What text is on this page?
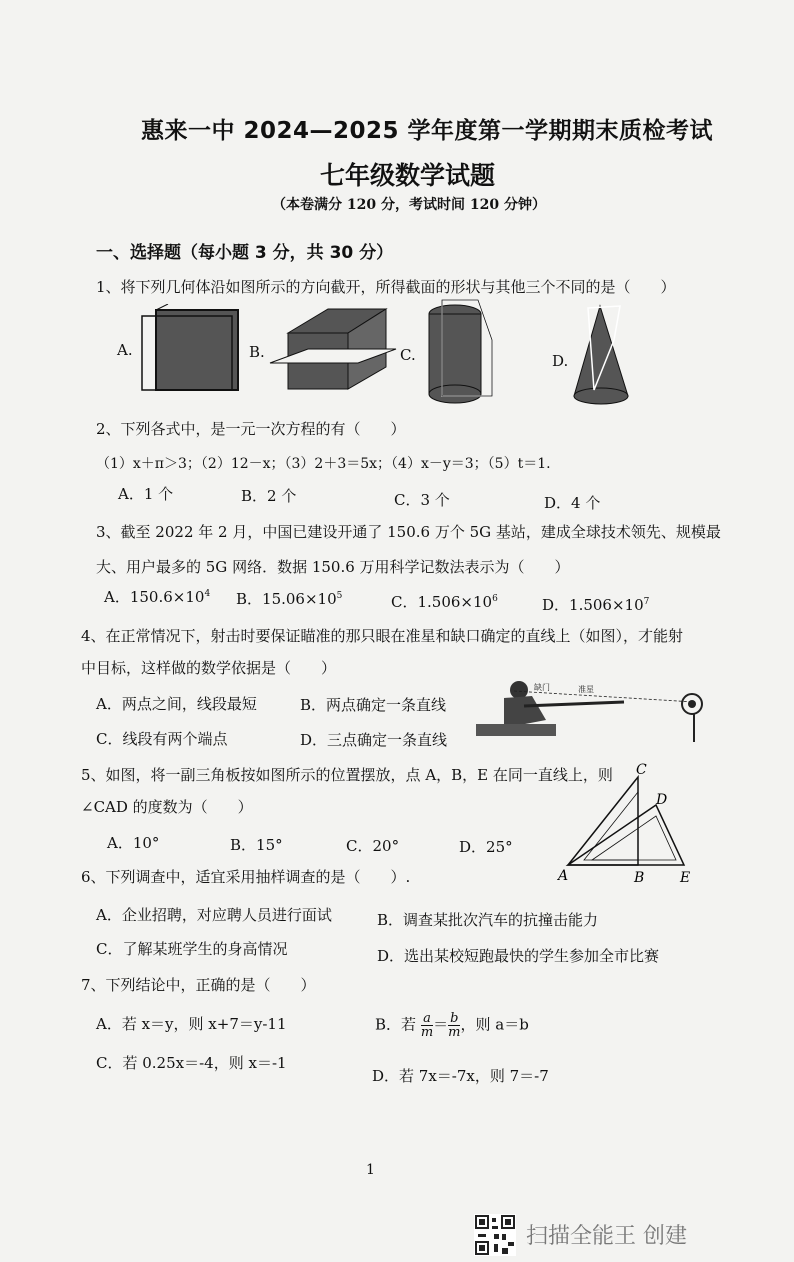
惠来一中 2024—2025 学年度第一学期期末质检考试
七年级数学试题
（本卷满分 120 分，考试时间 120 分钟）
一、选择题（每小题 3 分，共 30 分）
1、将下列几何体沿如图所示的方向截开，所得截面的形状与其他三个不同的是（　　）
A.	B.	C.	D.
2、下列各式中，是一元一次方程的有（　　）
（1）x＋π＞3；（2）12－x；（3）2＋3＝5x；（4）x－y＝3；（5）t＝1.
A．1 个	B．2 个	C．3 个	D．4 个
3、截至 2022 年 2 月，中国已建设开通了 150.6 万个 5G 基站，建成全球技术领先、规模最
大、用户最多的 5G 网络．数据 150.6 万用科学记数法表示为（　　）
A．$150.6\times 10^4$ B．$15.06\times 10^5$	C．$1.506\times 10^6$	D．$1.506\times 10^7$
4、在正常情况下，射击时要保证瞄准的那只眼在准星和缺口确定的直线上（如图），才能射
中目标，这样做的数学依据是（　　）
A．两点之间，线段最短	B．两点确定一条直线
C．线段有两个端点	D．三点确定一条直线
缺门	准星
5、如图，将一副三角板按如图所示的位置摆放，点 A，B，E 在同一直线上，则
∠CAD 的度数为（　　）
A．10°	B．15°	C．20°	D．25°
C
D
A	B	E
6、下列调查中，适宜采用抽样调查的是（　　）.
A．企业招聘，对应聘人员进行面试	B．调查某批次汽车的抗撞击能力
C．了解某班学生的身高情况	D．选出某校短跑最快的学生参加全市比赛
7、下列结论中，正确的是（　　）
A．若 x＝y，则 x+7＝y-11	B．若 $\frac{a}{m} = \frac{b}{m}$ ，则 a＝b
C．若 0.25x＝-4，则 x＝-1
D．若 7x＝-7x，则 7＝-7
1
扫描全能王 创建
